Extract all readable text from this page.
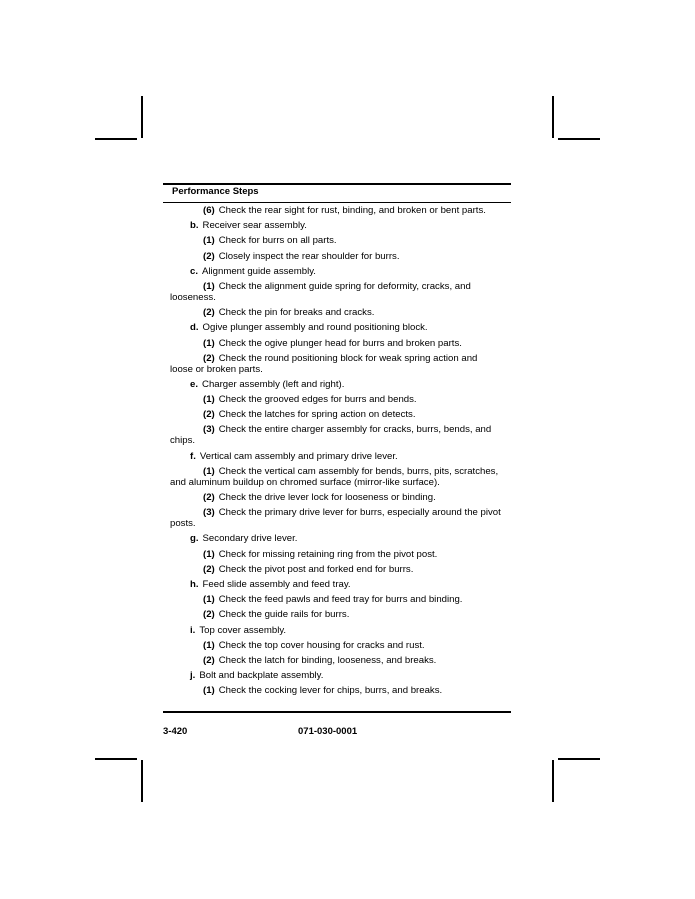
Performance Steps

(6) Check the rear sight for rust, binding, and broken or bent parts.

b. Receiver sear assembly.

(1) Check for burrs on all parts.

(2) Closely inspect the rear shoulder for burrs.

c. Alignment guide assembly.

(1) Check the alignment guide spring for deformity, cracks, and looseness.

(2) Check the pin for breaks and cracks.

d. Ogive plunger assembly and round positioning block.

(1) Check the ogive plunger head for burrs and broken parts.

(2) Check the round positioning block for weak spring action and loose or broken parts.

e. Charger assembly (left and right).

(1) Check the grooved edges for burrs and bends.

(2) Check the latches for spring action on detects.

(3) Check the entire charger assembly for cracks, burrs, bends, and chips.

f. Vertical cam assembly and primary drive lever.

(1) Check the vertical cam assembly for bends, burrs, pits, scratches, and aluminum buildup on chromed surface (mirror-like surface).

(2) Check the drive lever lock for looseness or binding.

(3) Check the primary drive lever for burrs, especially around the pivot posts.

g. Secondary drive lever.

(1) Check for missing retaining ring from the pivot post.

(2) Check the pivot post and forked end for burrs.

h. Feed slide assembly and feed tray.

(1) Check the feed pawls and feed tray for burrs and binding.

(2) Check the guide rails for burrs.

i. Top cover assembly.

(1) Check the top cover housing for cracks and rust.

(2) Check the latch for binding, looseness, and breaks.

j. Bolt and backplate assembly.

(1) Check the cocking lever for chips, burrs, and breaks.

3-420	071-030-0001
